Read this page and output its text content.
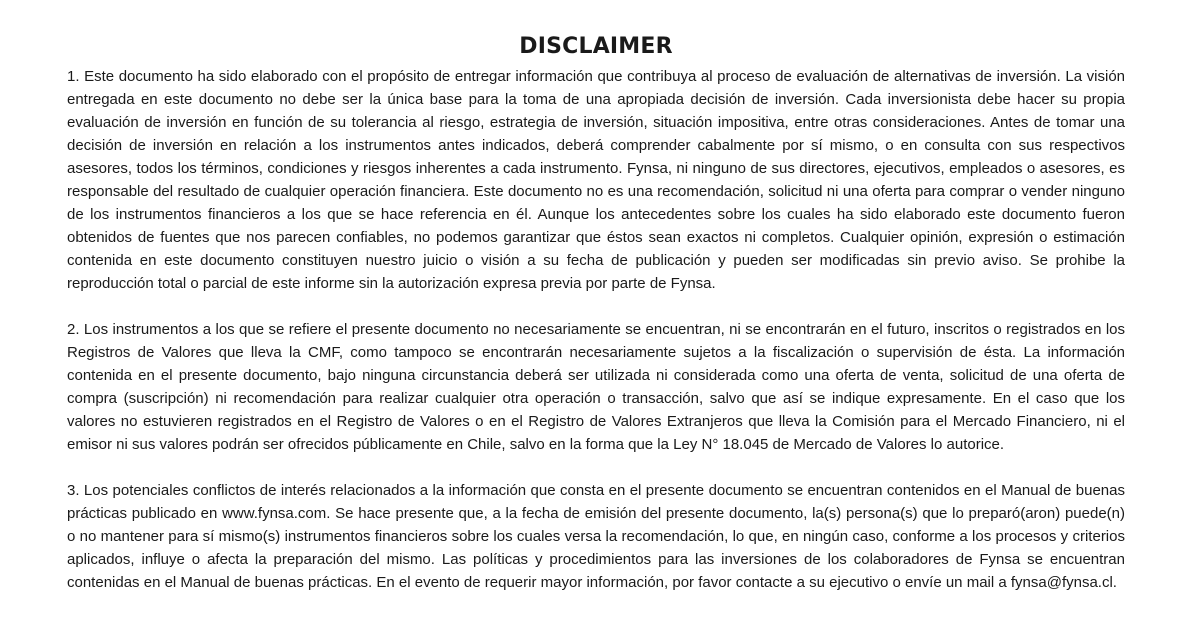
DISCLAIMER

1. Este documento ha sido elaborado con el propósito de entregar información que contribuya al proceso de evaluación de alternativas de inversión. La visión entregada en este documento no debe ser la única base para la toma de una apropiada decisión de inversión. Cada inversionista debe hacer su propia evaluación de inversión en función de su tolerancia al riesgo, estrategia de inversión, situación impositiva, entre otras consideraciones. Antes de tomar una decisión de inversión en relación a los instrumentos antes indicados, deberá comprender cabalmente por sí mismo, o en consulta con sus respectivos asesores, todos los términos, condiciones y riesgos inherentes a cada instrumento. Fynsa, ni ninguno de sus directores, ejecutivos, empleados o asesores, es responsable del resultado de cualquier operación financiera. Este documento no es una recomendación, solicitud ni una oferta para comprar o vender ninguno de los instrumentos financieros a los que se hace referencia en él. Aunque los antecedentes sobre los cuales ha sido elaborado este documento fueron obtenidos de fuentes que nos parecen confiables, no podemos garantizar que éstos sean exactos ni completos. Cualquier opinión, expresión o estimación contenida en este documento constituyen nuestro juicio o visión a su fecha de publicación y pueden ser modificadas sin previo aviso. Se prohibe la reproducción total o parcial de este informe sin la autorización expresa previa por parte de Fynsa.

2. Los instrumentos a los que se refiere el presente documento no necesariamente se encuentran, ni se encontrarán en el futuro, inscritos o registrados en los Registros de Valores que lleva la CMF, como tampoco se encontrarán necesariamente sujetos a la fiscalización o supervisión de ésta. La información contenida en el presente documento, bajo ninguna circunstancia deberá ser utilizada ni considerada como una oferta de venta, solicitud de una oferta de compra (suscripción) ni recomendación para realizar cualquier otra operación o transacción, salvo que así se indique expresamente. En el caso que los valores no estuvieren registrados en el Registro de Valores o en el Registro de Valores Extranjeros que lleva la Comisión para el Mercado Financiero, ni el emisor ni sus valores podrán ser ofrecidos públicamente en Chile, salvo en la forma que la Ley N° 18.045 de Mercado de Valores lo autorice.

3. Los potenciales conflictos de interés relacionados a la información que consta en el presente documento se encuentran contenidos en el Manual de buenas prácticas publicado en www.fynsa.com. Se hace presente que, a la fecha de emisión del presente documento, la(s) persona(s) que lo preparó(aron) puede(n) o no mantener para sí mismo(s) instrumentos financieros sobre los cuales versa la recomendación, lo que, en ningún caso, conforme a los procesos y criterios aplicados, influye o afecta la preparación del mismo. Las políticas y procedimientos para las inversiones de los colaboradores de Fynsa se encuentran contenidas en el Manual de buenas prácticas. En el evento de requerir mayor información, por favor contacte a su ejecutivo o envíe un mail a fynsa@fynsa.cl.
